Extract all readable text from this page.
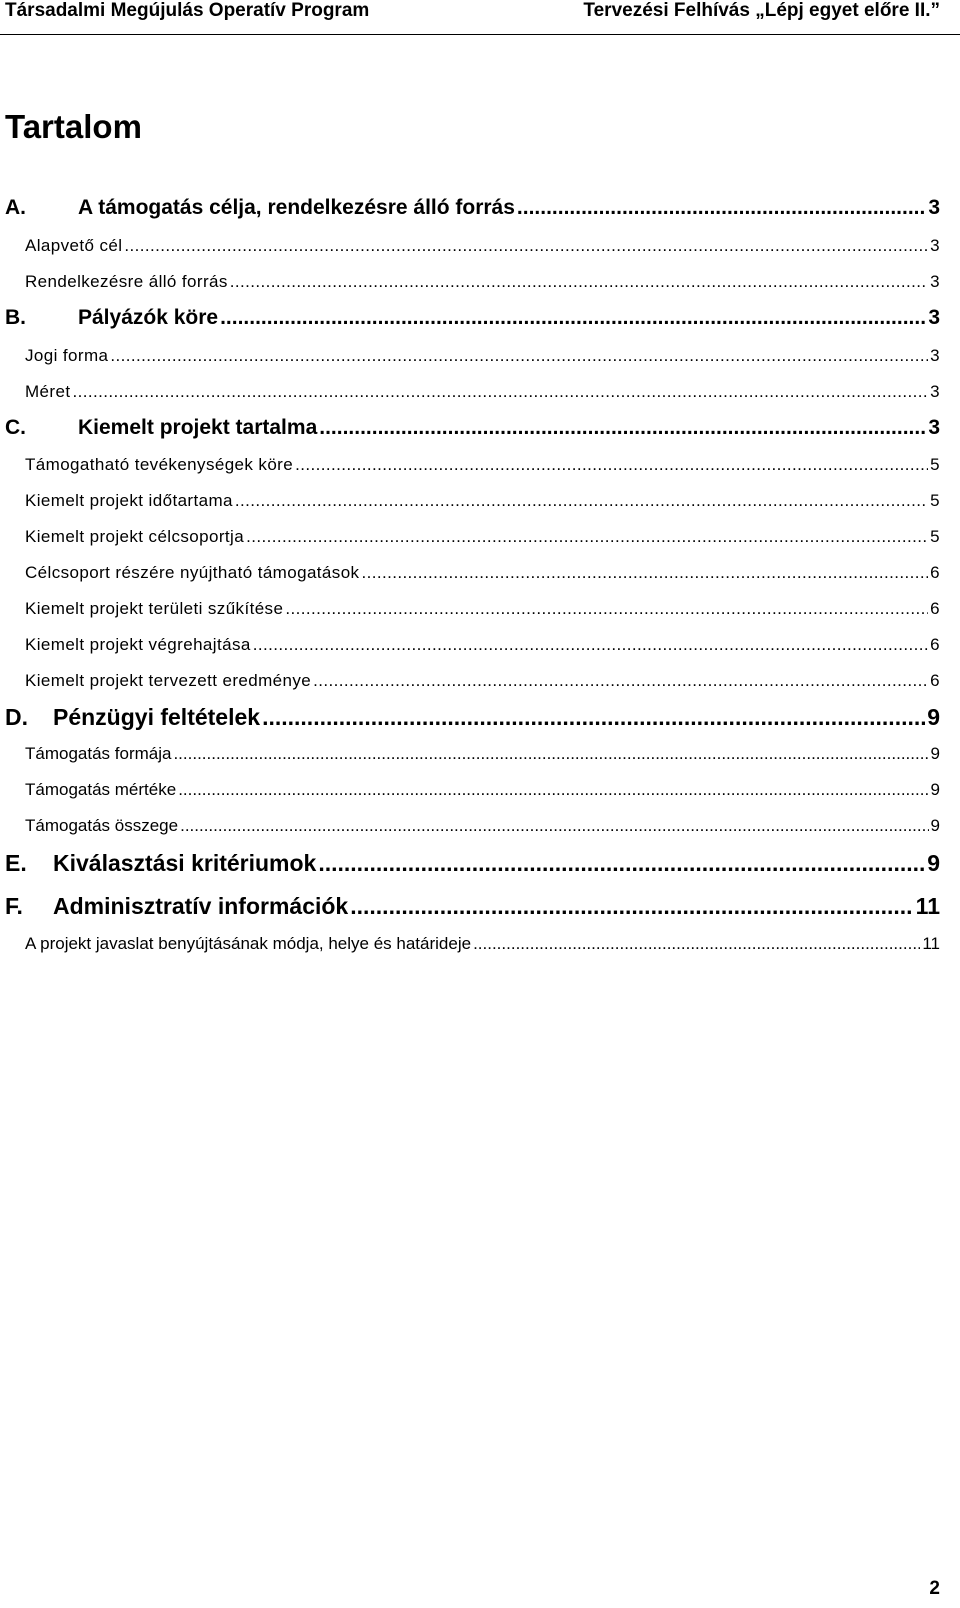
Társadalmi Megújulás Operatív Program	Tervezési Felhívás „Lépj egyet előre II.”
Tartalom
A.	A támogatás célja, rendelkezésre álló forrás .....	3
Alapvető cél .....	3
Rendelkezésre álló forrás .....	3
B.	Pályázók köre .....	3
Jogi forma .....	3
Méret .....	3
C.	Kiemelt projekt tartalma .....	3
Támogatható tevékenységek köre .....	5
Kiemelt projekt időtartama .....	5
Kiemelt projekt célcsoportja .....	5
Célcsoport részére nyújtható támogatások .....	6
Kiemelt projekt területi szűkítése .....	6
Kiemelt projekt végrehajtása .....	6
Kiemelt projekt tervezett eredménye .....	6
D.	Pénzügyi feltételek .....	9
Támogatás formája .....	9
Támogatás mértéke .....	9
Támogatás összege .....	9
E.	Kiválasztási kritériumok .....	9
F.	Adminisztratív információk .....	11
A projekt javaslat benyújtásának módja, helye és határideje .....	11
2
